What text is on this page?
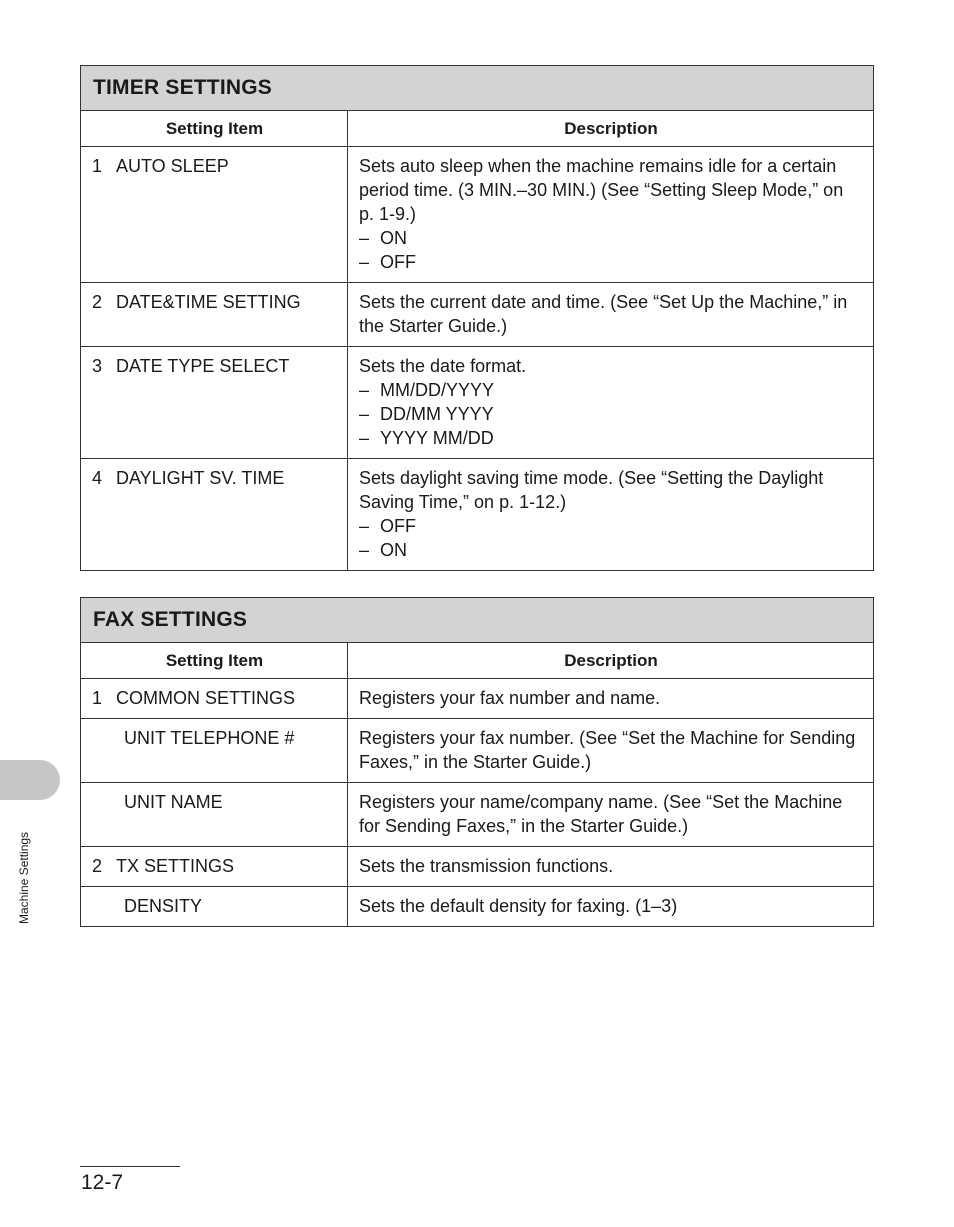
TIMER SETTINGS
Setting Item	Description
1 AUTO SLEEP	Sets auto sleep when the machine remains idle for a certain period time. (3 MIN.–30 MIN.) (See “Setting Sleep Mode,” on p. 1-9.)
– ON
– OFF
2 DATE&TIME SETTING	Sets the current date and time. (See “Set Up the Machine,” in the Starter Guide.)
3 DATE TYPE SELECT	Sets the date format.
– MM/DD/YYYY
– DD/MM YYYY
– YYYY MM/DD
4 DAYLIGHT SV. TIME	Sets daylight saving time mode. (See “Setting the Daylight Saving Time,” on p. 1-12.)
– OFF
– ON
FAX SETTINGS
Setting Item	Description
1 COMMON SETTINGS	Registers your fax number and name.
UNIT TELEPHONE #	Registers your fax number. (See “Set the Machine for Sending Faxes,” in the Starter Guide.)
UNIT NAME	Registers your name/company name. (See “Set the Machine for Sending Faxes,” in the Starter Guide.)
2 TX SETTINGS	Sets the transmission functions.
DENSITY	Sets the default density for faxing. (1–3)
Machine Settings
12-7
